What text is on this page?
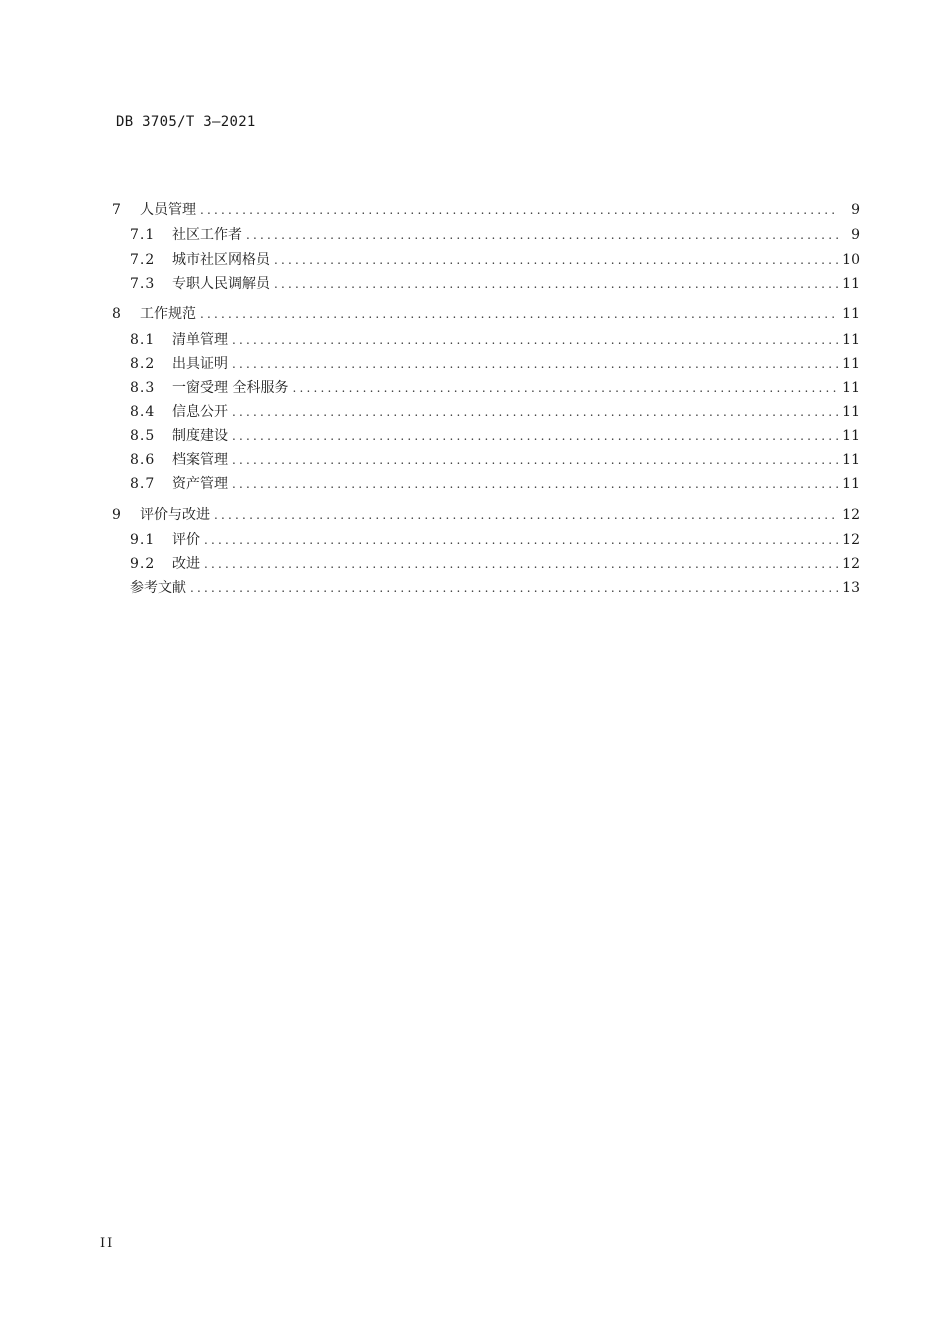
DB 3705/T 3—2021
7	人员管理 .....	9
7.1	社区工作者 .....	9
7.2	城市社区网格员 .....	10
7.3	专职人民调解员 .....	11
8	工作规范 .....	11
8.1	清单管理 .....	11
8.2	出具证明 .....	11
8.3	一窗受理 全科服务 .....	11
8.4	信息公开 .....	11
8.5	制度建设 .....	11
8.6	档案管理 .....	11
8.7	资产管理 .....	11
9	评价与改进 .....	12
9.1	评价 .....	12
9.2	改进 .....	12
参考文献 .....	13
II
